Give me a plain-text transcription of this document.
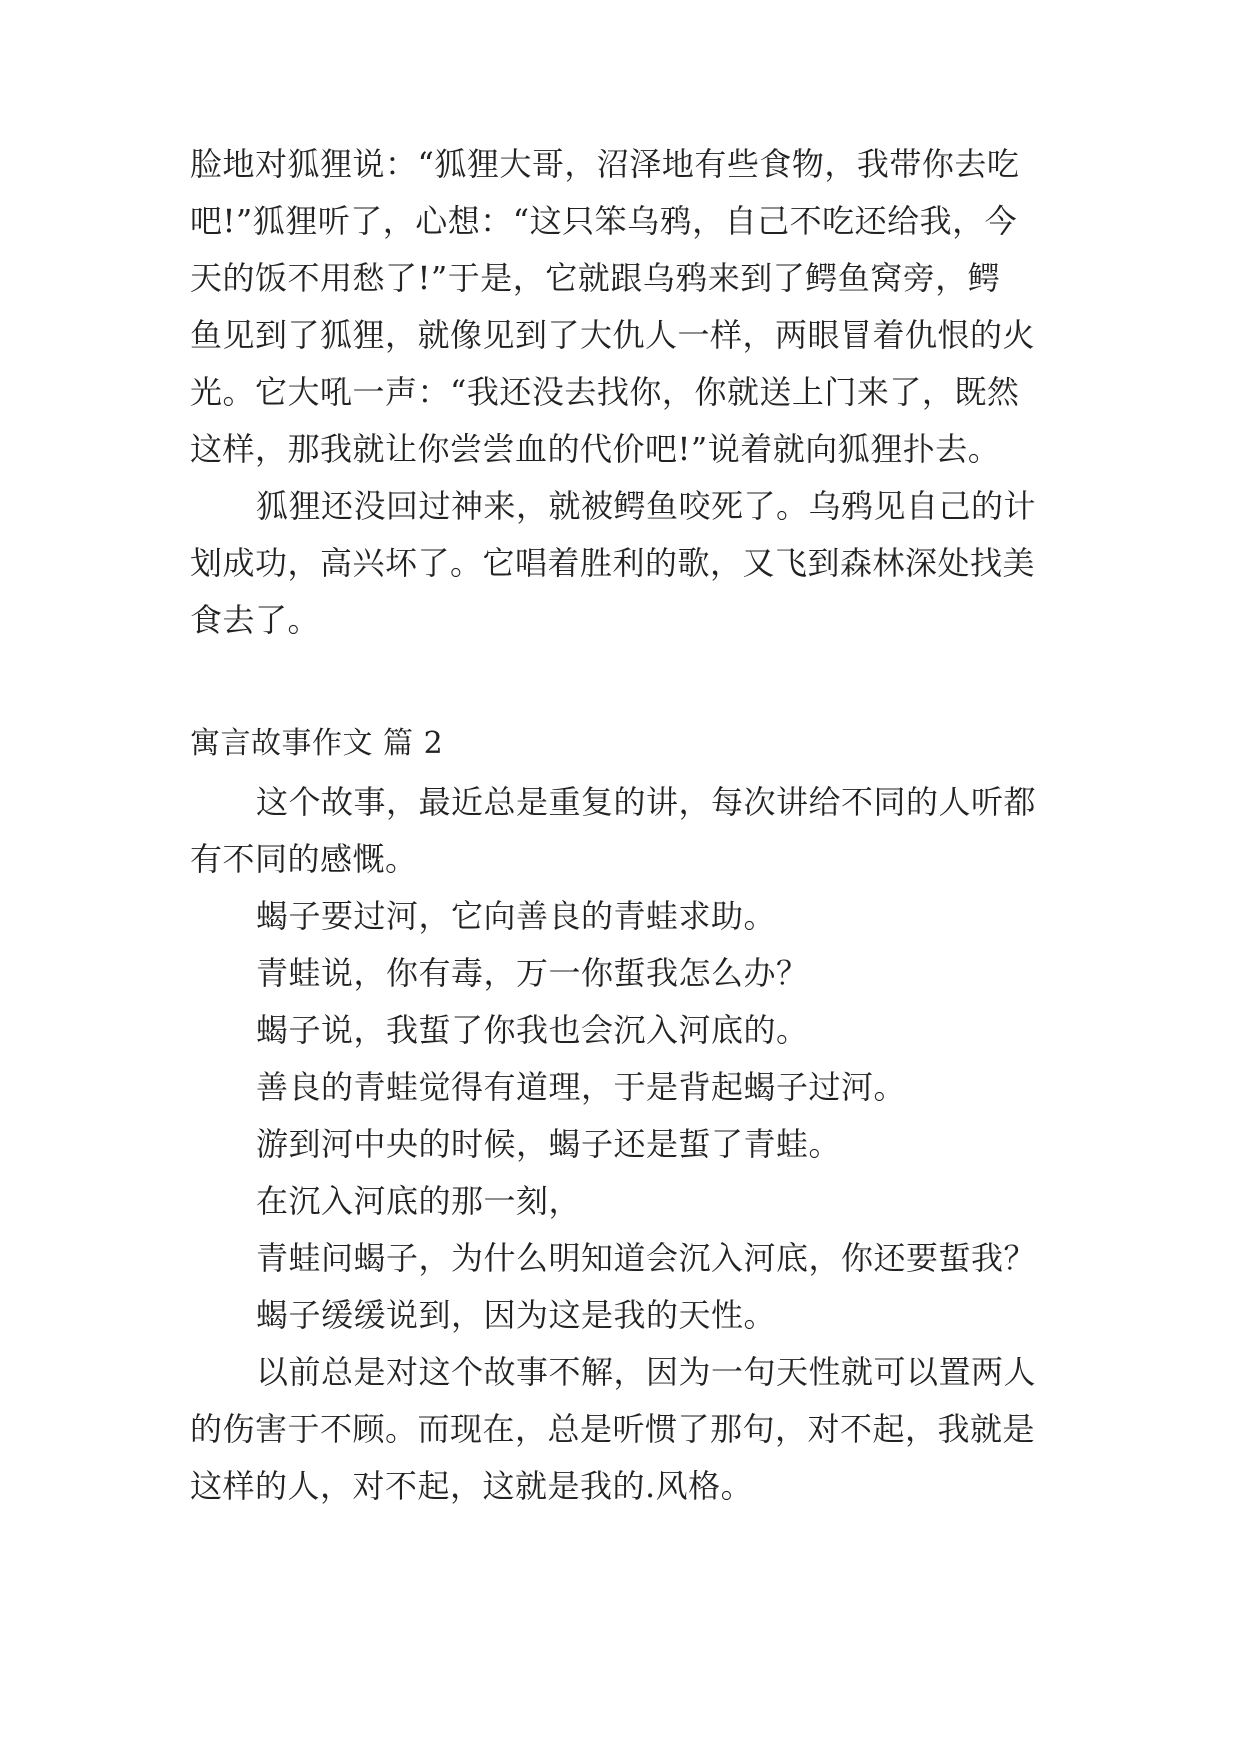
脸地对狐狸说：“狐狸大哥，沼泽地有些食物，我带你去吃

吧!”狐狸听了，心想：“这只笨乌鸦，自己不吃还给我，今

天的饭不用愁了!”于是，它就跟乌鸦来到了鳄鱼窝旁，鳄

鱼见到了狐狸，就像见到了大仇人一样，两眼冒着仇恨的火

光。它大吼一声：“我还没去找你，你就送上门来了，既然

这样，那我就让你尝尝血的代价吧!”说着就向狐狸扑去。

狐狸还没回过神来，就被鳄鱼咬死了。乌鸦见自己的计

划成功，高兴坏了。它唱着胜利的歌，又飞到森林深处找美

食去了。

寓言故事作文 篇 2

这个故事，最近总是重复的讲，每次讲给不同的人听都

有不同的感慨。

蝎子要过河，它向善良的青蛙求助。

青蛙说，你有毒，万一你蜇我怎么办？

蝎子说，我蜇了你我也会沉入河底的。

善良的青蛙觉得有道理，于是背起蝎子过河。

游到河中央的时候，蝎子还是蜇了青蛙。

在沉入河底的那一刻，

青蛙问蝎子，为什么明知道会沉入河底，你还要蜇我？

蝎子缓缓说到，因为这是我的天性。

以前总是对这个故事不解，因为一句天性就可以置两人

的伤害于不顾。而现在，总是听惯了那句，对不起，我就是

这样的人，对不起，这就是我的.风格。
